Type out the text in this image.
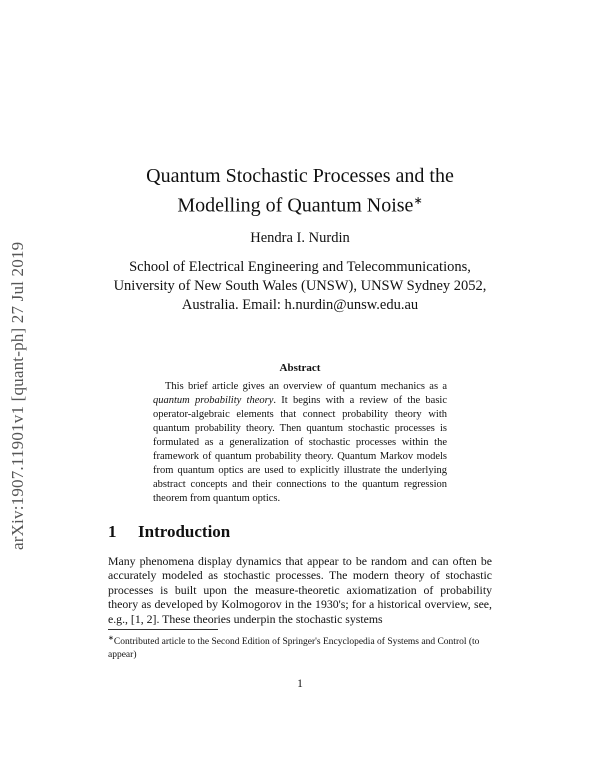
arXiv:1907.11901v1 [quant-ph] 27 Jul 2019
Quantum Stochastic Processes and the
Modelling of Quantum Noise∗
Hendra I. Nurdin
School of Electrical Engineering and Telecommunications,
University of New South Wales (UNSW), UNSW Sydney 2052,
Australia. Email: h.nurdin@unsw.edu.au
Abstract

This brief article gives an overview of quantum mechanics as a quantum probability theory. It begins with a review of the basic operator-algebraic elements that connect probability theory with quantum probability theory. Then quantum stochastic processes is formulated as a generalization of stochastic processes within the framework of quantum probability theory. Quantum Markov models from quantum optics are used to explicitly illustrate the underlying abstract concepts and their connections to the quantum regression theorem from quantum optics.

1 Introduction

Many phenomena display dynamics that appear to be random and can often be accurately modeled as stochastic processes. The modern theory of stochastic processes is built upon the measure-theoretic axiomatization of probability theory as developed by Kolmogorov in the 1930's; for a historical overview, see, e.g., [1, 2]. These theories underpin the stochastic systems

∗Contributed article to the Second Edition of Springer's Encyclopedia of Systems and Control (to appear)
1
